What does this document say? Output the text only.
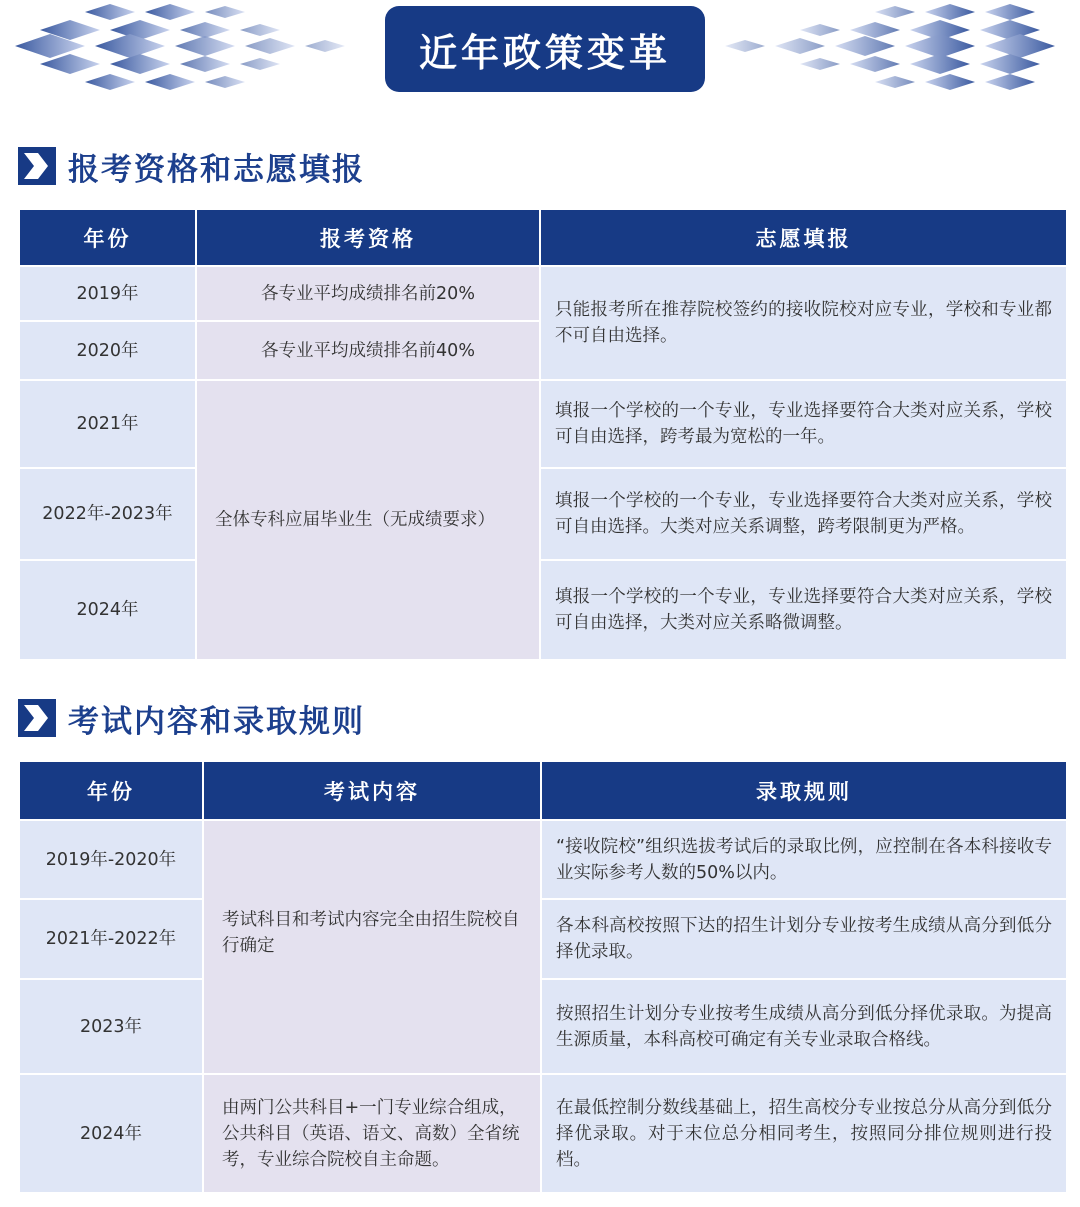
近年政策变革
报考资格和志愿填报
年份	报考资格	志愿填报
2019年	各专业平均成绩排名前20%	只能报考所在推荐院校签约的接收院校对应专业，学校和专业都不可自由选择。
2020年	各专业平均成绩排名前40%	
2021年	全体专科应届毕业生（无成绩要求）	填报一个学校的一个专业，专业选择要符合大类对应关系，学校可自由选择，跨考最为宽松的一年。
2022年-2023年		填报一个学校的一个专业，专业选择要符合大类对应关系，学校可自由选择。大类对应关系调整，跨考限制更为严格。
2024年		填报一个学校的一个专业，专业选择要符合大类对应关系，学校可自由选择，大类对应关系略微调整。
考试内容和录取规则
年份	考试内容	录取规则
2019年-2020年	考试科目和考试内容完全由招生院校自行确定	“接收院校”组织选拔考试后的录取比例，应控制在各本科接收专业实际参考人数的50%以内。
2021年-2022年		各本科高校按照下达的招生计划分专业按考生成绩从高分到低分择优录取。
2023年		按照招生计划分专业按考生成绩从高分到低分择优录取。为提高生源质量，本科高校可确定有关专业录取合格线。
2024年	由两门公共科目+一门专业综合组成，公共科目（英语、语文、高数）全省统考，专业综合院校自主命题。	在最低控制分数线基础上，招生高校分专业按总分从高分到低分择优录取。对于末位总分相同考生，按照同分排位规则进行投档。
